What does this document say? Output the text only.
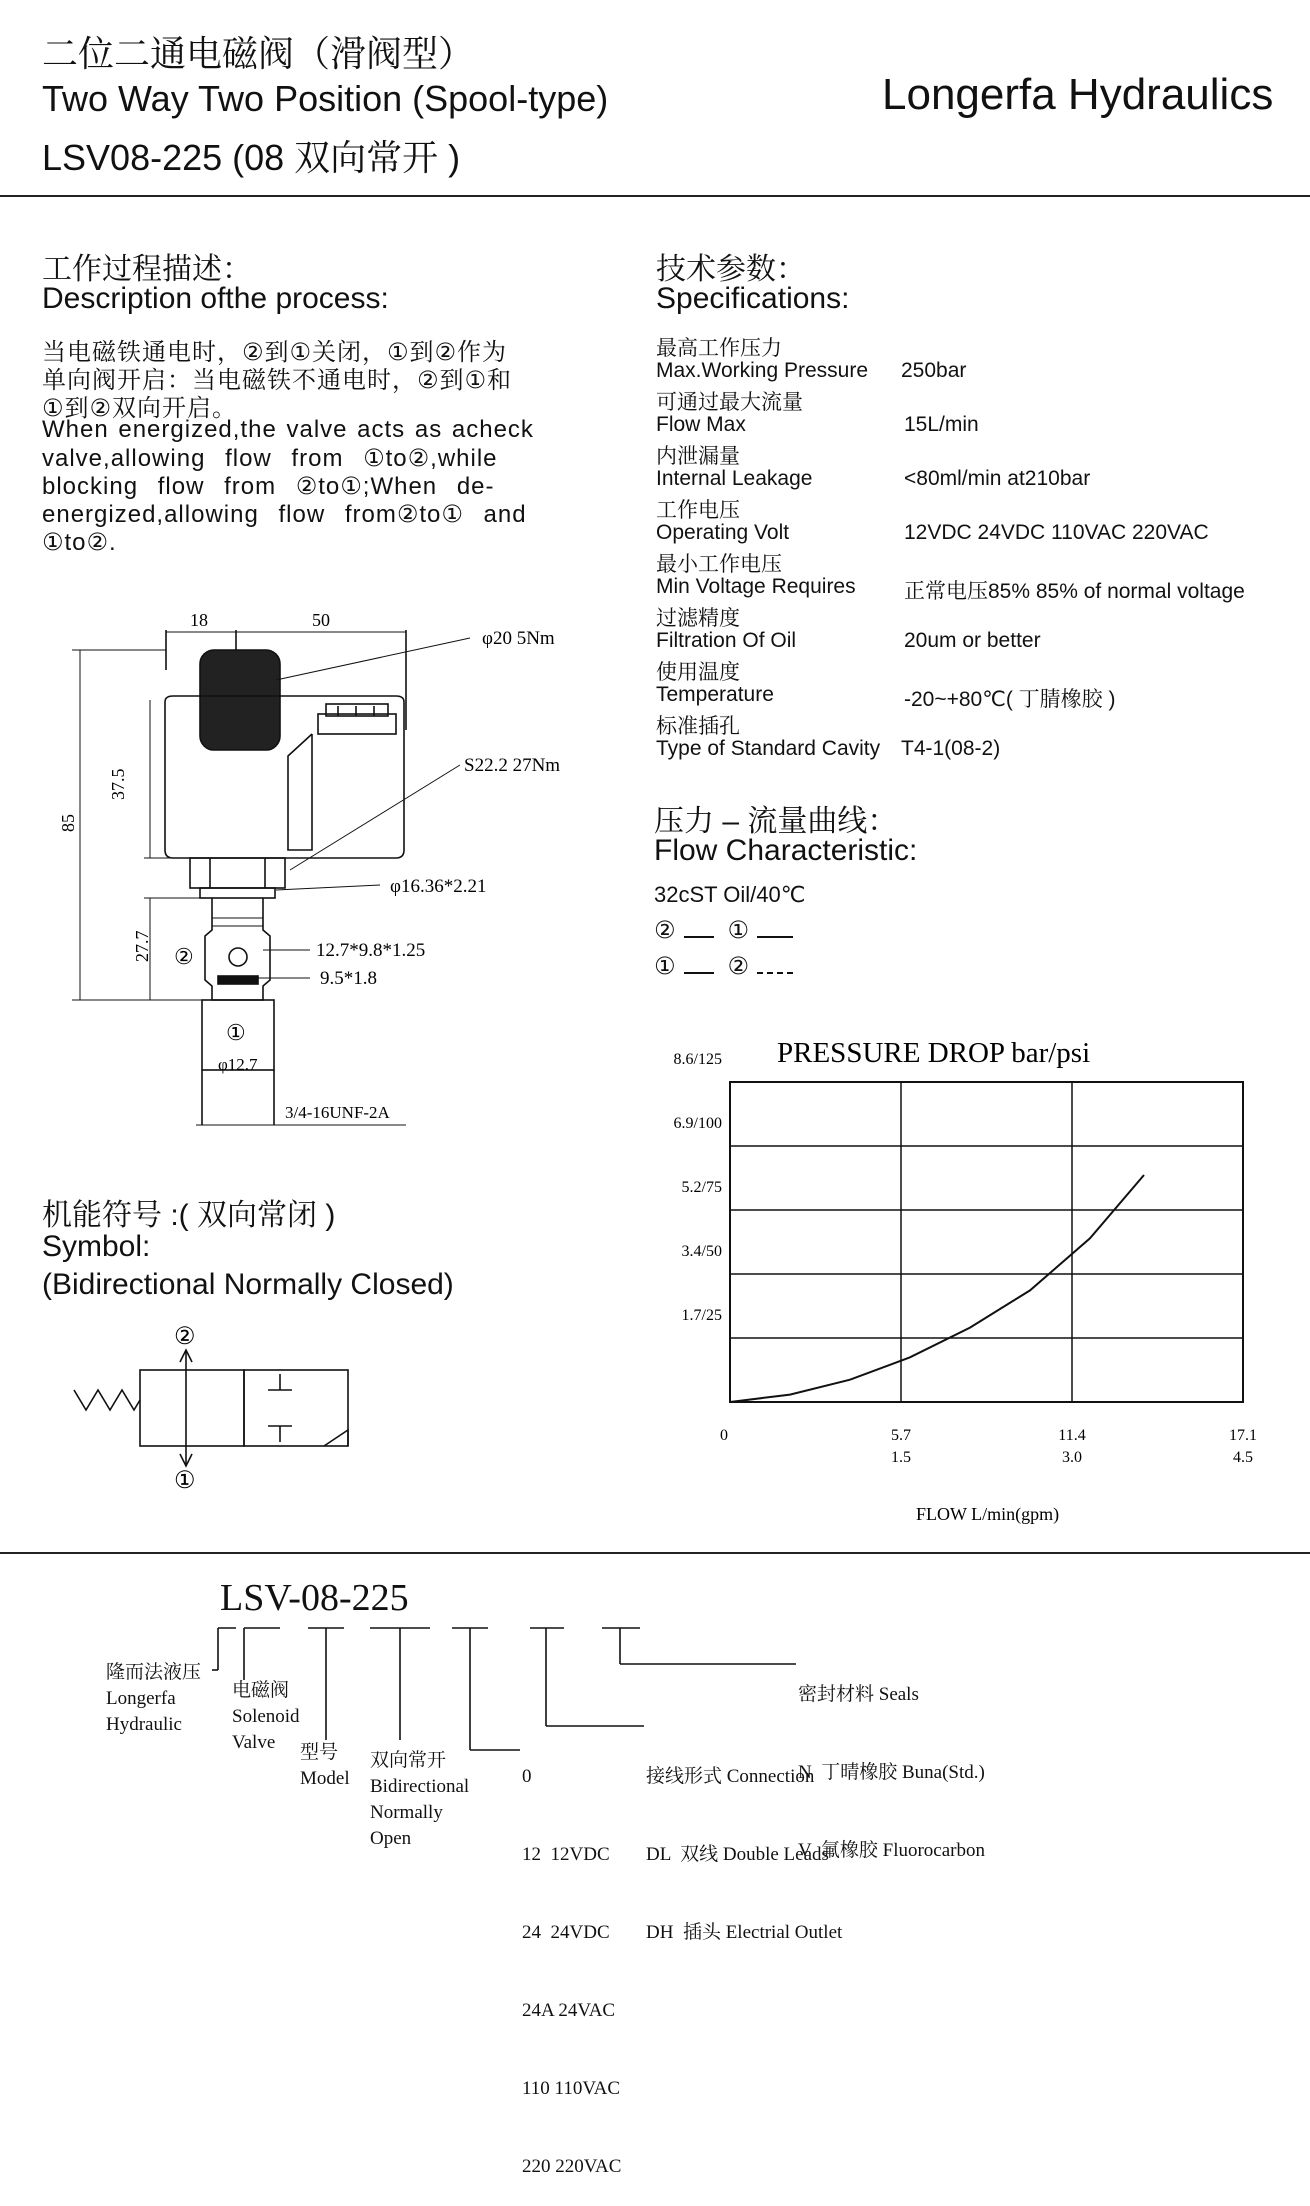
二位二通电磁阀（滑阀型）
Two Way Two Position (Spool-type)
LSV08-225 (08 双向常开 )
Longerfa Hydraulics
工作过程描述：
Description ofthe process:
当电磁铁通电时，②到①关闭，①到②作为
单向阀开启：当电磁铁不通电时，②到①和
①到②双向开启。
When energized,the valve acts as acheck
valve,allowing flow from ①to②,while
blocking flow from ②to①;When de-
energized,allowing flow from②to① and
①to②.
18	50
φ20 5Nm
S22.2 27Nm
φ16.36*2.21
12.7*9.8*1.25
9.5*1.8
②
①
φ12.7
3/4-16UNF-2A
85
37.5
27.7
技术参数：
Specifications:
最高工作压力
Max.Working Pressure 250bar
可通过最大流量
Flow Max	15L/min
内泄漏量
Internal Leakage	<80ml/min at210bar
工作电压
Operating Volt	12VDC 24VDC 110VAC 220VAC
最小工作电压
Min Voltage Requires 正常电压85% 85% of normal voltage
过滤精度
Filtration Of Oil	20um or better
使用温度
Temperature	-20~+80℃( 丁腈橡胶 )
标准插孔
Type of Standard Cavity T4-1(08-2)
压力 – 流量曲线：
Flow Characteristic:
32cST Oil/40℃
② ①
① ②
PRESSURE DROP bar/psi
1.7/25
3.4/50
5.2/75
6.9/100
8.6/125
0	5.7
1.5
11.4
3.0
17.1
4.5
FLOW L/min(gpm)
机能符号 :( 双向常闭 )
Symbol:
(Bidirectional Normally Closed)
②
①
LSV-08-225
隆而法液压
Longerfa
Hydraulic
电磁阀
Solenoid
Valve	型号
Model
双向常开
Bidirectional
Normally
Open

0

12  12VDC

24  24VDC

24A 24VAC

110 110VAC

220 220VAC

接线形式 Connection

DL  双线 Double Leads

DH  插头 Electrial Outlet

密封材料 Seals

N  丁晴橡胶 Buna(Std.)

V  氟橡胶 Fluorocarbon
